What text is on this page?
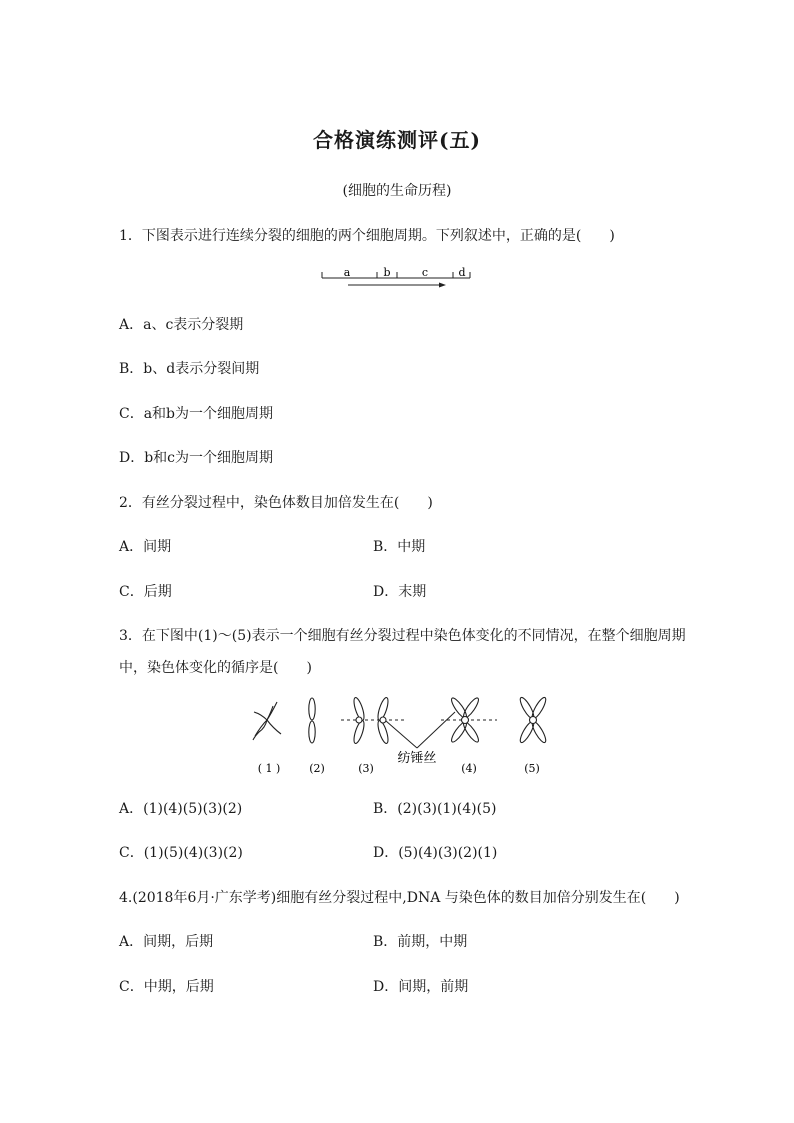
合格演练测评(五)
(细胞的生命历程)
1．下图表示进行连续分裂的细胞的两个细胞周期。下列叙述中，正确的是(　　)
a	b	c	d
A．a、c表示分裂期
B．b、d表示分裂间期
C．a和b为一个细胞周期
D．b和c为一个细胞周期
2．有丝分裂过程中，染色体数目加倍发生在(　　)
A．间期	B．中期
C．后期	D．末期
3．在下图中(1)～(5)表示一个细胞有丝分裂过程中染色体变化的不同情况，在整个细胞周期
中，染色体变化的循序是(　　)
纺锤丝
( 1 )	(2)	(3)	(4)	(5)
A．(1)(4)(5)(3)(2)	B．(2)(3)(1)(4)(5)
C．(1)(5)(4)(3)(2)	D．(5)(4)(3)(2)(1)
4.(2018年6月·广东学考)细胞有丝分裂过程中,DNA 与染色体的数目加倍分别发生在(　　)
A．间期，后期	B．前期，中期
C．中期，后期	D．间期，前期
